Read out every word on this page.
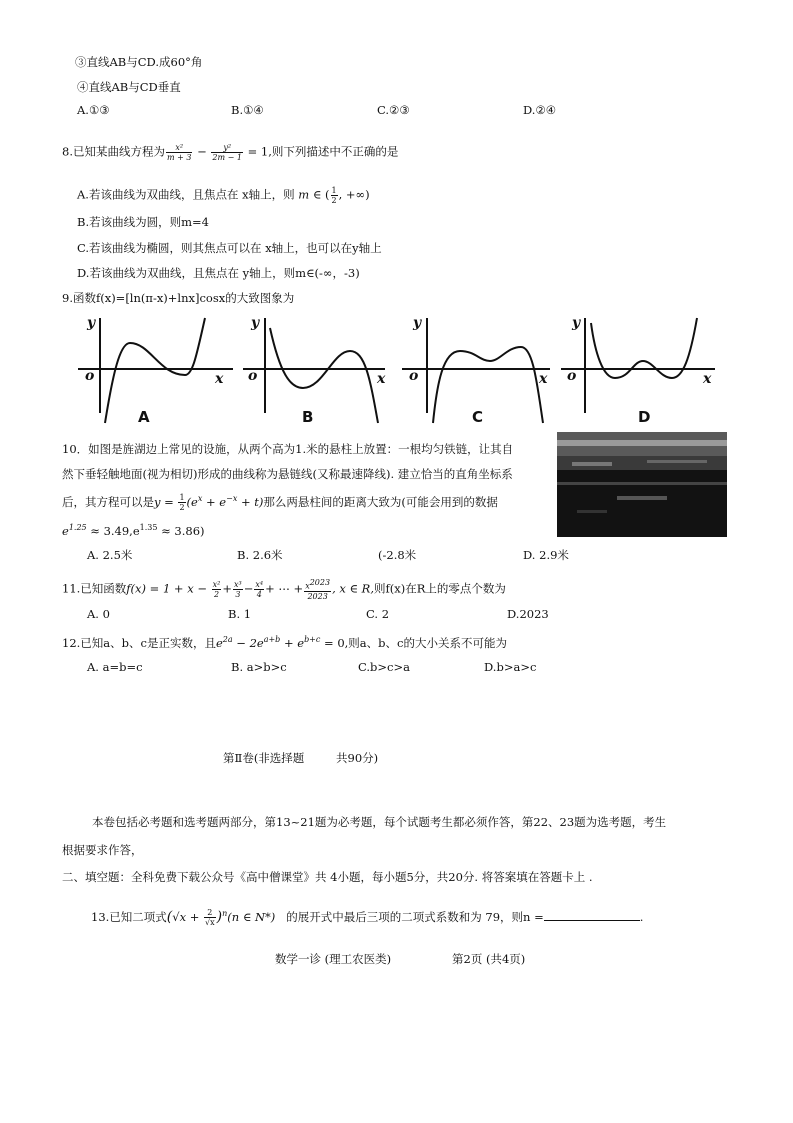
③直线AB与CD.成60°角
④直线AB与CD垂直
A.①③	B.①④	C.②③	D.②④
8.已知某曲线方程为 $\frac{\text{x²}}{m + 3} - \frac{\text{y²}}{2m - 1} = 1$,则下列描述中不正确的是
A.若该曲线为双曲线，且焦点在 x轴上，则 m ∈ ( $\frac{1}{2}$ , +∞)
B.若该曲线为圆，则m=4
C.若该曲线为椭圆，则其焦点可以在 x轴上，也可以在y轴上
D.若该曲线为双曲线，且焦点在 y轴上，则m∈(-∞，-3)
9.函数f(x)=[ln(π-x)+lnx]cosx的大致图象为
y
x
o
y
x
o
y
x
o
y
x
o
A	B	C	D
10．如图是旌湖边上常见的设施，从两个高为1.米的悬柱上放置：一根均匀铁链，让其自
然下垂轻触地面(视为相切)形成的曲线称为悬链线(又称最速降线). 建立恰当的直角坐标系
后，其方程可以是$y = \frac{1}{2} (e^x + e^{-x} + t)$那么两悬柱间的距离大致为(可能会用到的数据
$e^{1.25} \approx 3.49,e^{1.35} \approx 3.86$)
A. 2.5米	B. 2.6米	(-2.8米	D. 2.9米
11.已知函数$f(x) = 1 + x - \frac{\text{x²}}{2} + \frac{\text{x³}}{3} - \frac{\text{x⁴}}{4}$ + ⋯ + $\frac{x^{2023}}{2023}$ , x ∈ R,则f(x)在R上的零点个数为
A. 0	B. 1	C. 2	D.2023
12.已知a、b、c是正实数，且$e^{2a} - 2e^{a+b} + e^{b+c} = 0$,则a、b、c的大小关系不可能为
A. a=b=c	B. a>b>c	C.b>c>a	D.b>a>c
第Ⅱ卷(非选择题	共90分)
本卷包括必考题和选考题两部分，第13~21题为必考题，每个试题考生都必须作答，第22、23题为选考题，考生
根据要求作答，
二、填空题：全科免费下载公众号《高中僧课堂》共 4小题，每小题5分，共20分. 将答案填在答题卡上 .
13.已知二项式$(√x + \frac{2}{√x} )^n(n$ ∈ N*) 的展开式中最后三项的二项式系数和为 79，则n =	.
数学一诊 (理工农医类)	第2页 (共4页)
